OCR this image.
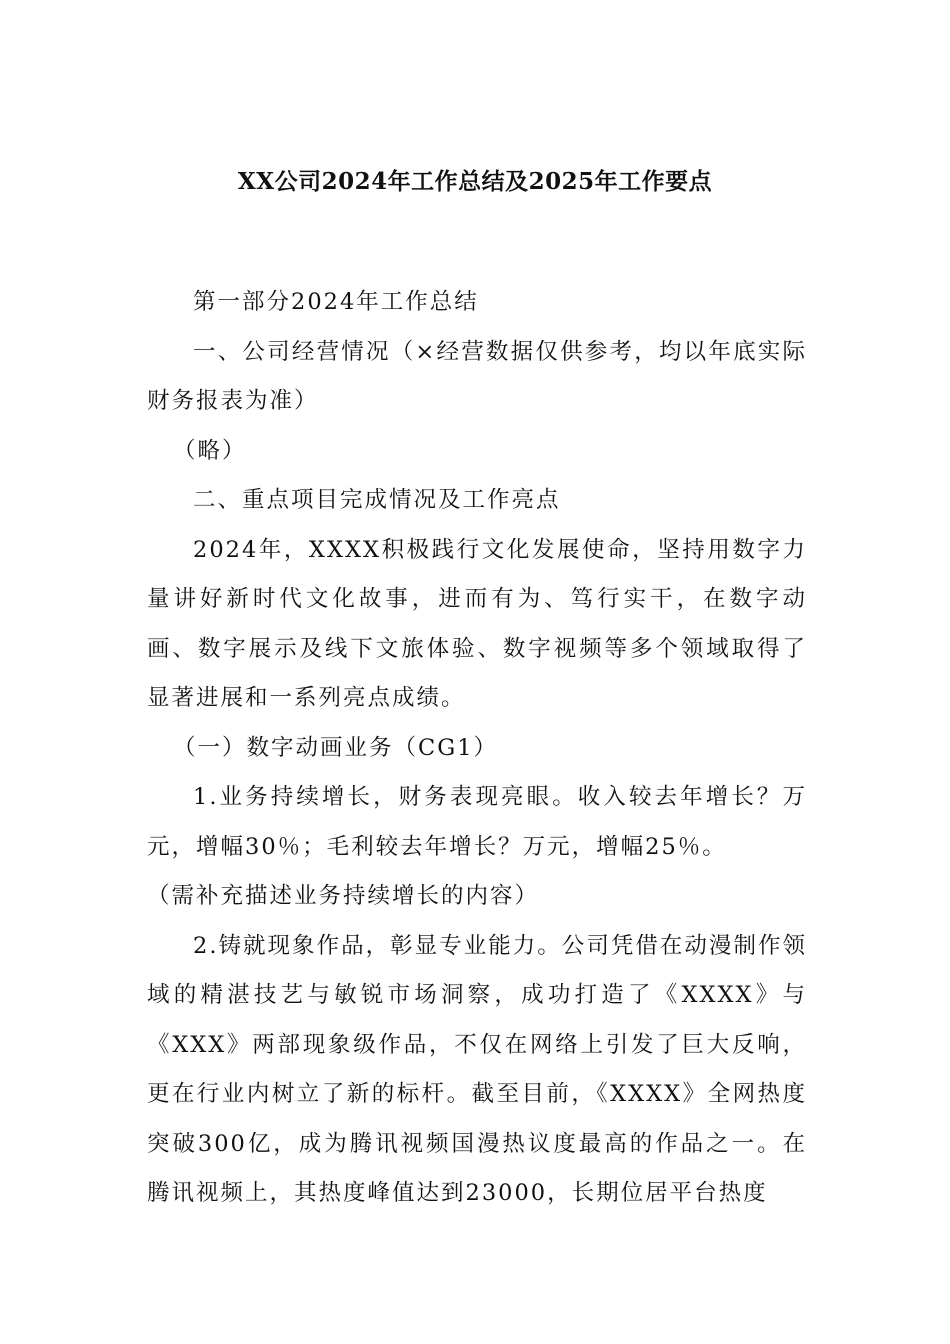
XX公司2024年工作总结及2025年工作要点

第一部分2024年工作总结

一、公司经营情况（×经营数据仅供参考，均以年底实际财务报表为准）

（略）

二、重点项目完成情况及工作亮点

2024年，XXXX积极践行文化发展使命，坚持用数字力量讲好新时代文化故事，进而有为、笃行实干，在数字动画、数字展示及线下文旅体验、数字视频等多个领域取得了显著进展和一系列亮点成绩。

（一）数字动画业务（CG1）

1.业务持续增长，财务表现亮眼。收入较去年增长？万元，增幅30％；毛利较去年增长？万元，增幅25％。

（需补充描述业务持续增长的内容）

2.铸就现象作品，彰显专业能力。公司凭借在动漫制作领域的精湛技艺与敏锐市场洞察，成功打造了《XXXX》与《XXX》两部现象级作品，不仅在网络上引发了巨大反响，更在行业内树立了新的标杆。截至目前，《XXXX》全网热度突破300亿，成为腾讯视频国漫热议度最高的作品之一。在腾讯视频上，其热度峰值达到23000，长期位居平台热度
